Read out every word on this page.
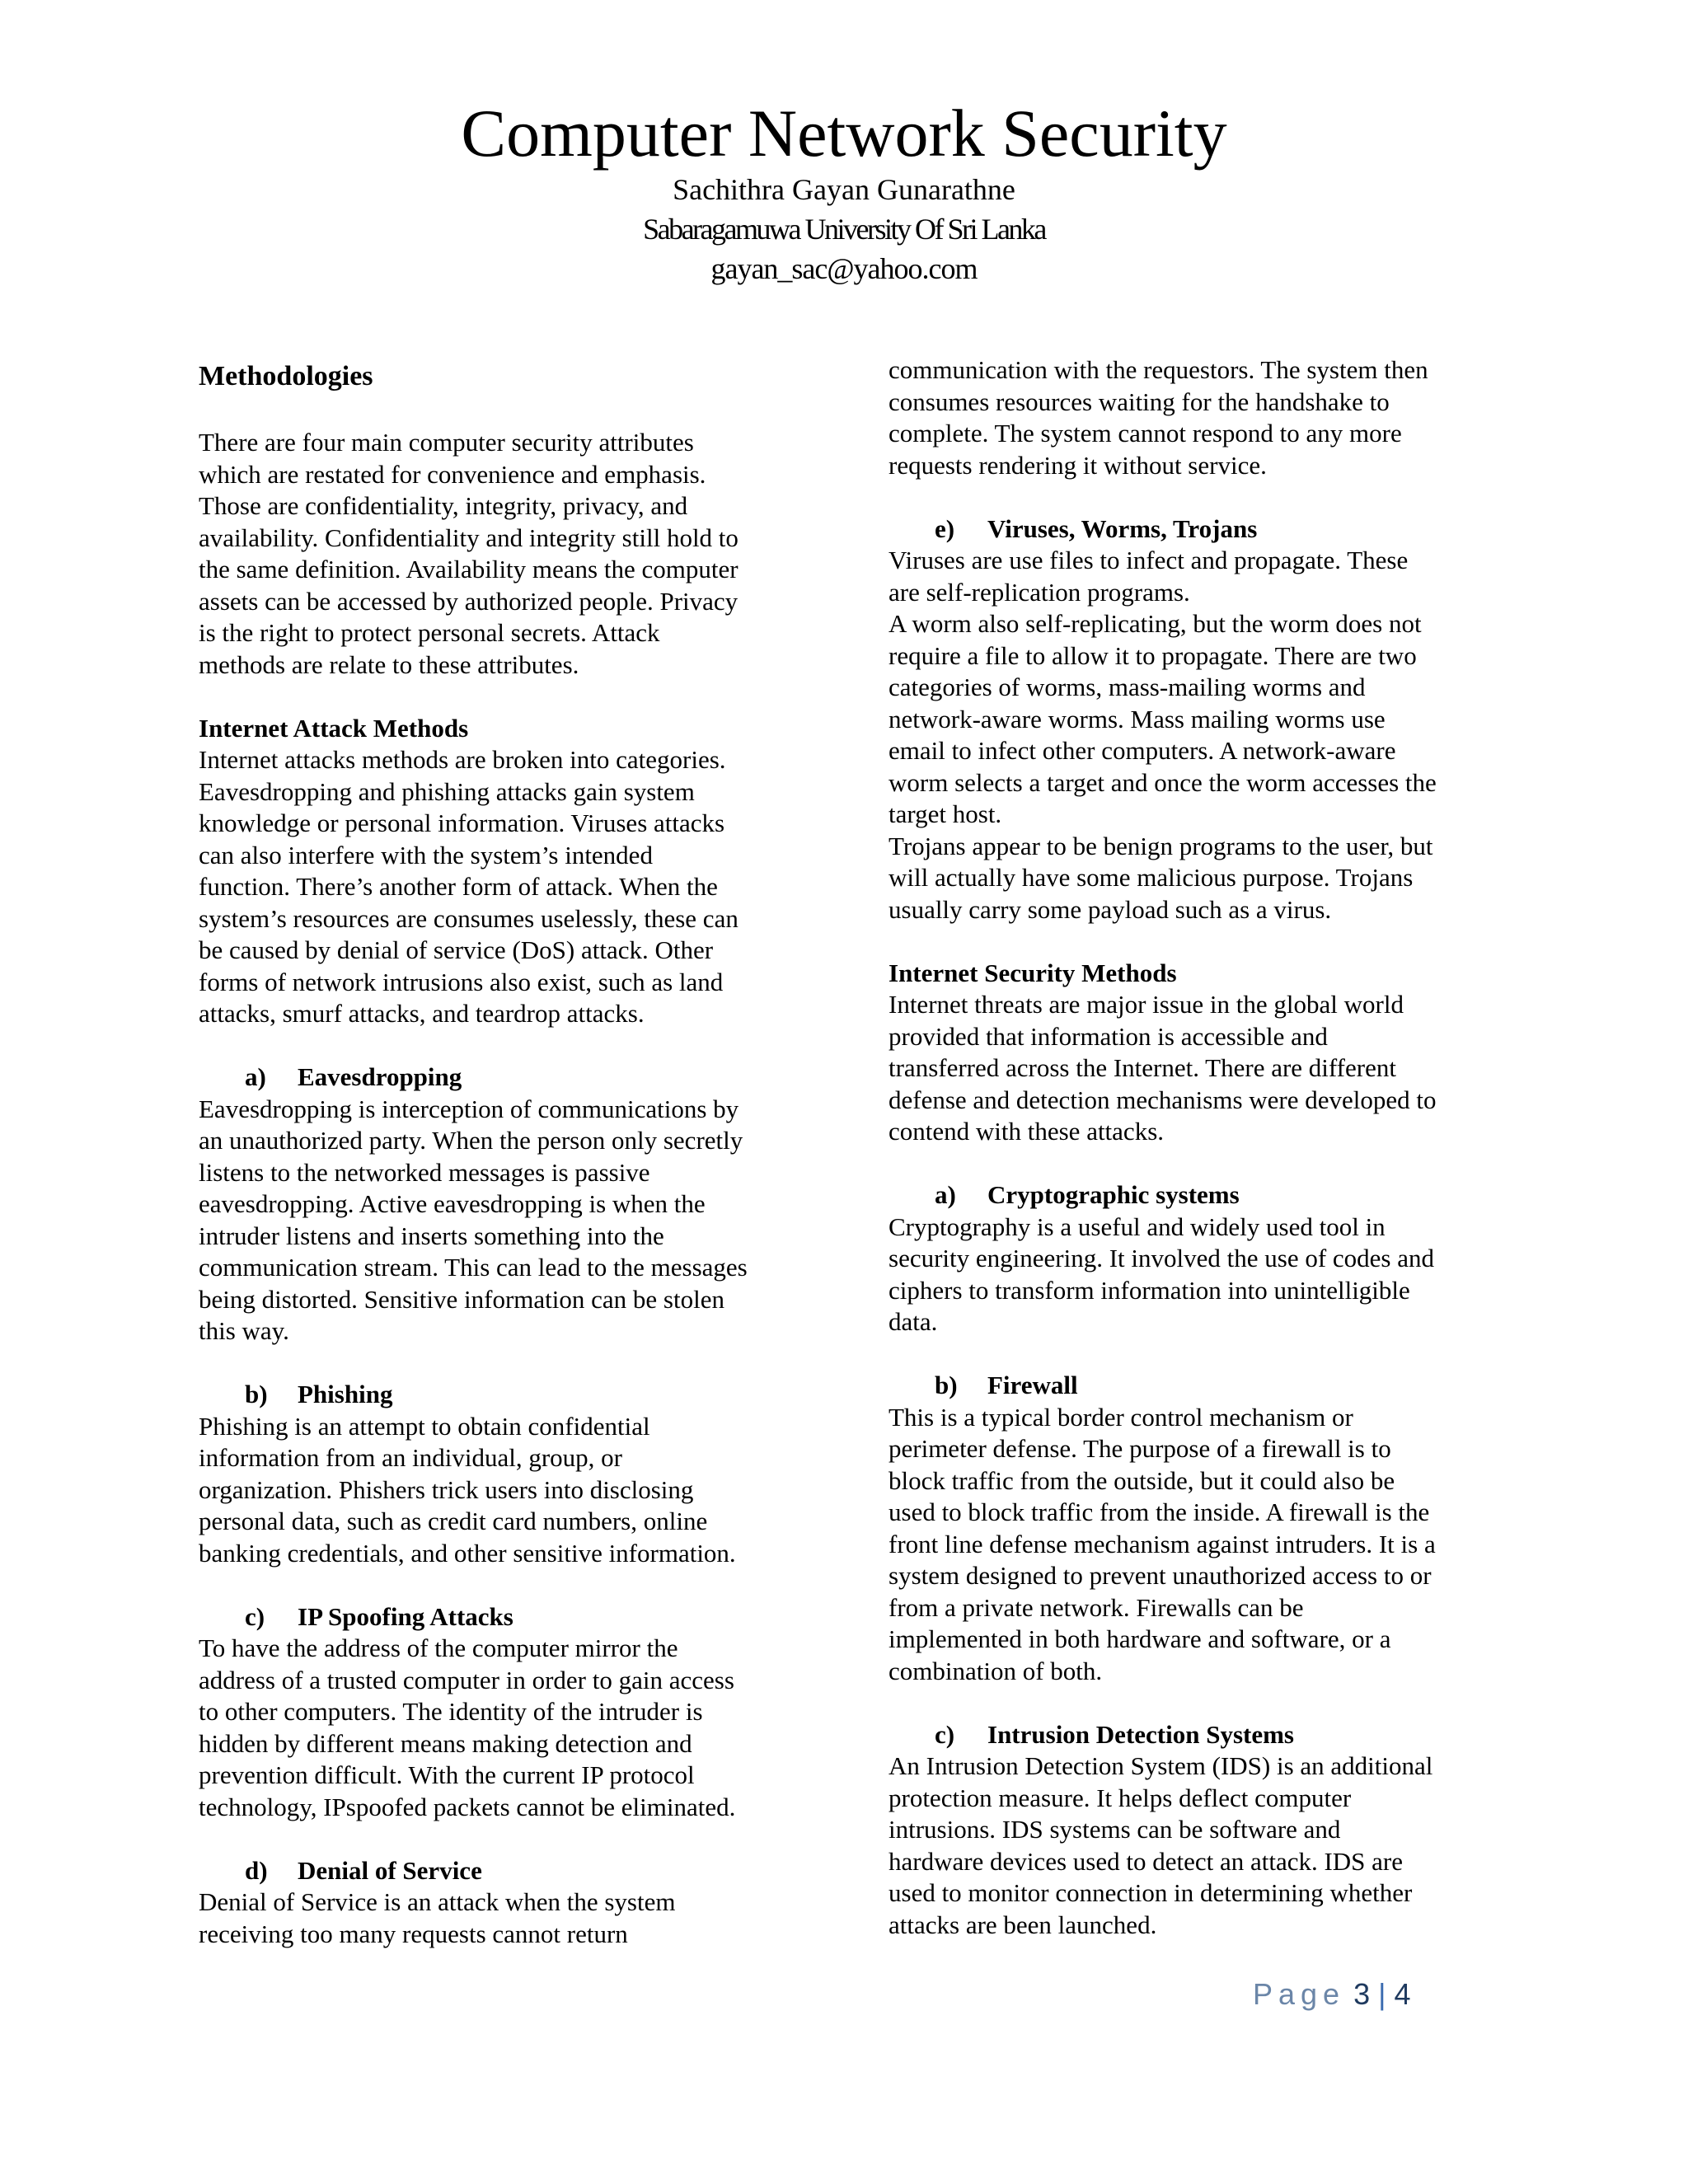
Computer Network Security
Sachithra Gayan Gunarathne
Sabaragamuwa University Of Sri Lanka
gayan_sac@yahoo.com

Methodologies

There are four main computer security attributes

which are restated for convenience and emphasis.

Those are confidentiality, integrity, privacy, and

availability. Confidentiality and integrity still hold to

the same definition. Availability means the computer

assets can be accessed by authorized people. Privacy

is the right to protect personal secrets. Attack

methods are relate to these attributes.

Internet Attack Methods

Internet attacks methods are broken into categories.

Eavesdropping and phishing attacks gain system

knowledge or personal information. Viruses attacks

can also interfere with the system’s intended

function. There’s another form of attack. When the

system’s resources are consumes uselessly, these can

be caused by denial of service (DoS) attack. Other

forms of network intrusions also exist, such as land

attacks, smurf attacks, and teardrop attacks.

a) Eavesdropping

Eavesdropping is interception of communications by

an unauthorized party. When the person only secretly

listens to the networked messages is passive

eavesdropping. Active eavesdropping is when the

intruder listens and inserts something into the

communication stream. This can lead to the messages

being distorted. Sensitive information can be stolen

this way.

b) Phishing

Phishing is an attempt to obtain confidential

information from an individual, group, or

organization. Phishers trick users into disclosing

personal data, such as credit card numbers, online

banking credentials, and other sensitive information.

c) IP Spoofing Attacks

To have the address of the computer mirror the

address of a trusted computer in order to gain access

to other computers. The identity of the intruder is

hidden by different means making detection and

prevention difficult. With the current IP protocol

technology, IPspoofed packets cannot be eliminated.

d) Denial of Service

Denial of Service is an attack when the system

receiving too many requests cannot return

communication with the requestors. The system then

consumes resources waiting for the handshake to

complete. The system cannot respond to any more

requests rendering it without service.

e) Viruses, Worms, Trojans

Viruses are use files to infect and propagate. These

are self-replication programs.

A worm also self-replicating, but the worm does not

require a file to allow it to propagate. There are two

categories of worms, mass-mailing worms and

network-aware worms. Mass mailing worms use

email to infect other computers. A network-aware

worm selects a target and once the worm accesses the

target host.

Trojans appear to be benign programs to the user, but

will actually have some malicious purpose. Trojans

usually carry some payload such as a virus.

Internet Security Methods

Internet threats are major issue in the global world

provided that information is accessible and

transferred across the Internet. There are different

defense and detection mechanisms were developed to

contend with these attacks.

a) Cryptographic systems

Cryptography is a useful and widely used tool in

security engineering. It involved the use of codes and

ciphers to transform information into unintelligible

data.

b) Firewall

This is a typical border control mechanism or

perimeter defense. The purpose of a firewall is to

block traffic from the outside, but it could also be

used to block traffic from the inside. A firewall is the

front line defense mechanism against intruders. It is a

system designed to prevent unauthorized access to or

from a private network. Firewalls can be

implemented in both hardware and software, or a

combination of both.

c) Intrusion Detection Systems

An Intrusion Detection System (IDS) is an additional

protection measure. It helps deflect computer

intrusions. IDS systems can be software and

hardware devices used to detect an attack. IDS are

used to monitor connection in determining whether

attacks are been launched.

Page 3 | 4
